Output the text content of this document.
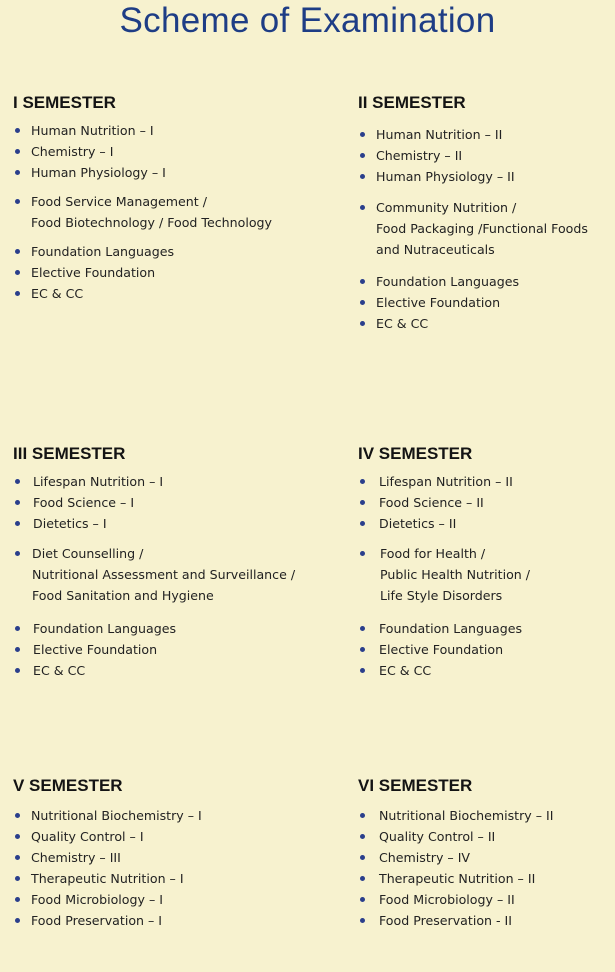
Scheme of Examination
I SEMESTER
Human Nutrition – I
Chemistry – I
Human Physiology – I
Food Service Management /
Food Biotechnology / Food Technology
Foundation Languages
Elective Foundation
EC & CC
II SEMESTER
Human Nutrition – II
Chemistry – II
Human Physiology – II
Community Nutrition /
Food Packaging /Functional Foods
and Nutraceuticals
Foundation Languages
Elective Foundation
EC & CC
III SEMESTER
Lifespan Nutrition – I
Food Science – I
Dietetics – I
Diet Counselling /
Nutritional Assessment and Surveillance /
Food Sanitation and Hygiene
Foundation Languages
Elective Foundation
EC & CC
IV SEMESTER
Lifespan Nutrition – II
Food Science – II
Dietetics – II
Food for Health /
Public Health Nutrition /
Life Style Disorders
Foundation Languages
Elective Foundation
EC & CC
V SEMESTER
Nutritional Biochemistry – I
Quality Control – I
Chemistry – III
Therapeutic Nutrition – I
Food Microbiology – I
Food Preservation – I
VI SEMESTER
Nutritional Biochemistry – II
Quality Control – II
Chemistry – IV
Therapeutic Nutrition – II
Food Microbiology – II
Food Preservation - II
